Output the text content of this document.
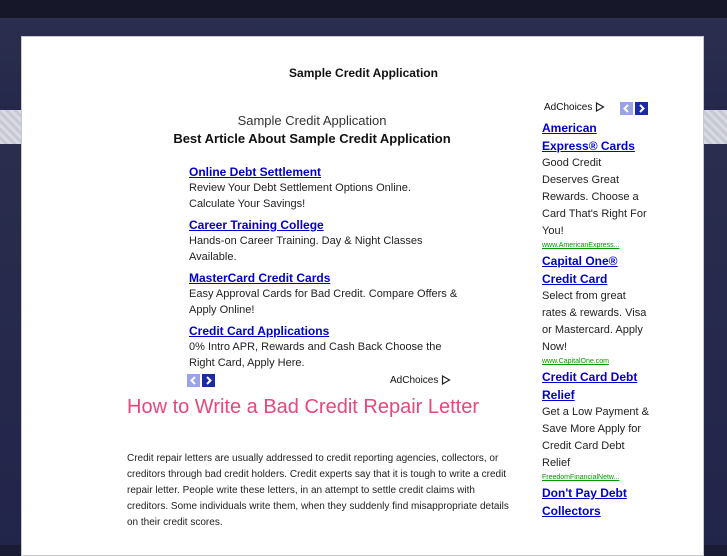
Sample Credit Application
Sample Credit Application
Best Article About Sample Credit Application
Online Debt Settlement
Review Your Debt Settlement Options Online. Calculate Your Savings!
Career Training College
Hands-on Career Training. Day & Night Classes Available.
MasterCard Credit Cards
Easy Approval Cards for Bad Credit. Compare Offers & Apply Online!
Credit Card Applications
0% Intro APR, Rewards and Cash Back Choose the Right Card, Apply Here.
AdChoices
How to Write a Bad Credit Repair Letter
Credit repair letters are usually addressed to credit reporting agencies, collectors, or creditors through bad credit holders. Credit experts say that it is tough to write a credit repair letter. People write these letters, in an attempt to settle credit claims with creditors. Some individuals write them, when they suddenly find misappropriate details on their credit scores.
AdChoices
American Express® Cards
Good Credit Deserves Great Rewards. Choose a Card That's Right For You!
www.AmericanExpress...
Capital One® Credit Card
Select from great rates & rewards. Visa or Mastercard. Apply Now!
www.CapitalOne.com
Credit Card Debt Relief
Get a Low Payment & Save More Apply for Credit Card Debt Relief
FreedomFinancialNetw...
Don't Pay Debt Collectors
